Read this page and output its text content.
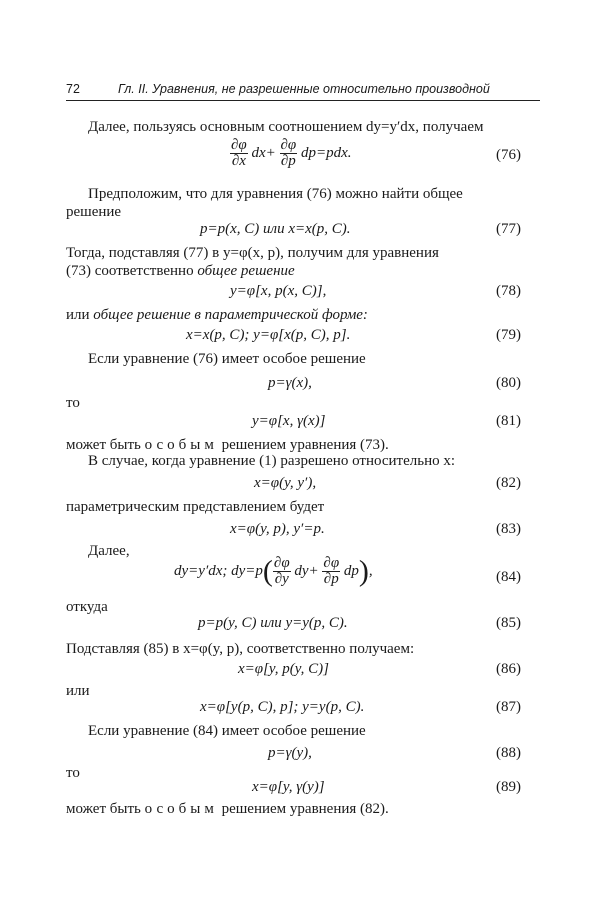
72	Гл. II. Уравнения, не разрешенные относительно производной
Далее, пользуясь основным соотношением dy=y′dx, получаем
$\frac{\partial\varphi}{\partial x} dx+ \frac{\partial\varphi}{\partial p} dp=pdx$.	(76)
Предположим, что для уравнения (76) можно найти общее
решение
p=p(x, C) или x=x(p, C).	(77)
Тогда, подставляя (77) в y=φ(x, p), получим для уравнения
(73) соответственно общее решение
y=φ[x, p(x, C)],	(78)
или общее решение в параметрической форме:
x=x(p, C); y=φ[x(p, C), p].	(79)
Если уравнение (76) имеет особое решение
p=γ(x),	(80)
то
y=φ[x, γ(x)]	(81)
может быть особым решением уравнения (73).
В случае, когда уравнение (1) разрешено относительно x:
x=φ(y, y′),	(82)
параметрическим представлением будет
x=φ(y, p), y′=p.	(83)
Далее,
dy=y′dx; $dy=p( \frac{\partial\varphi}{\partial y} dy+ \frac{\partial\varphi}{\partial p} dp)$,	(84)
откуда
p=p(y, C) или y=y(p, C).	(85)
Подставляя (85) в x=φ(y, p), соответственно получаем:
x=φ[y, p(y, C)]	(86)
или
x=φ[y(p, C), p]; y=y(p, C).	(87)
Если уравнение (84) имеет особое решение
p=γ(y),	(88)
то
x=φ[y, γ(y)]	(89)
может быть особым решением уравнения (82).
